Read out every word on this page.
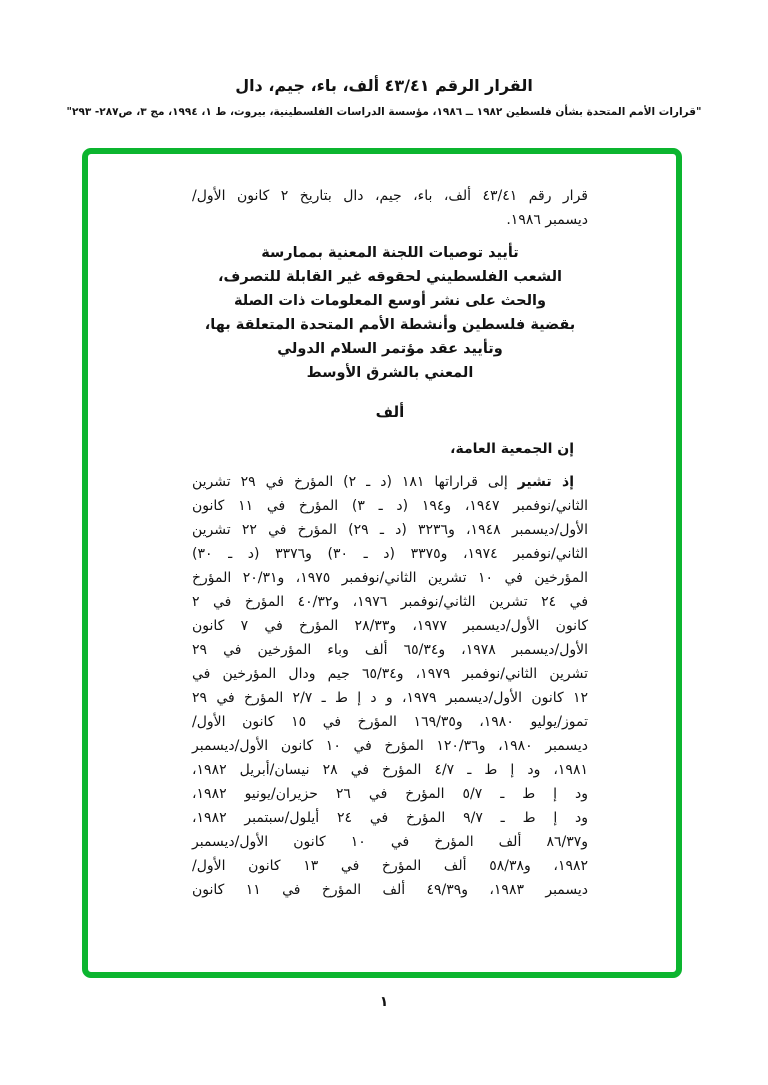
القرار الرقم ٤٣/٤١ ألف، باء، جيم، دال
"قرارات الأمم المتحدة بشأن فلسطين ١٩٨٢ ــ ١٩٨٦، مؤسسة الدراسات الفلسطينية، بيروت، ط ١، ١٩٩٤، مج ٣، ص٢٨٧- ٢٩٣"
قرار رقم ٤٣/٤١ ألف، باء، جيم، دال بتاريخ ٢ كانون الأول/
ديسمبر ١٩٨٦.
تأييد توصيات اللجنة المعنية بممارسة
الشعب الفلسطيني لحقوقه غير القابلة للتصرف،
والحث على نشر أوسع المعلومات ذات الصلة
بقضية فلسطين وأنشطة الأمم المتحدة المتعلقة بها،
وتأييد عقد مؤتمر السلام الدولي
المعني بالشرق الأوسط
ألف
إن الجمعية العامة،
إذ تشير إلى قراراتها ١٨١ (د ـ ٢) المؤرخ في ٢٩ تشرين
الثاني/نوفمبر ١٩٤٧، و١٩٤ (د ـ ٣) المؤرخ في ١١ كانون
الأول/ديسمبر ١٩٤٨، و٣٢٣٦ (د ـ ٢٩) المؤرخ في ٢٢ تشرين
الثاني/نوفمبر ١٩٧٤، و٣٣٧٥ (د ـ ٣٠) و٣٣٧٦ (د ـ ٣٠)
المؤرخين في ١٠ تشرين الثاني/نوفمبر ١٩٧٥، و٢٠/٣١ المؤرخ
في ٢٤ تشرين الثاني/نوفمبر ١٩٧٦، و٤٠/٣٢ المؤرخ في ٢
كانون الأول/ديسمبر ١٩٧٧، و٢٨/٣٣ المؤرخ في ٧ كانون
الأول/ديسمبر ١٩٧٨، و٦٥/٣٤ ألف وباء المؤرخين في ٢٩
تشرين الثاني/نوفمبر ١٩٧٩، و٦٥/٣٤ جيم ودال المؤرخين في
١٢ كانون الأول/ديسمبر ١٩٧٩، و د إ ط ـ ٢/٧ المؤرخ في ٢٩
تموز/يوليو ١٩٨٠، و١٦٩/٣٥ المؤرخ في ١٥ كانون الأول/
ديسمبر ١٩٨٠، و١٢٠/٣٦ المؤرخ في ١٠ كانون الأول/ديسمبر
١٩٨١، ود إ ط ـ ٤/٧ المؤرخ في ٢٨ نيسان/أبريل ١٩٨٢،
ود إ ط ـ ٥/٧ المؤرخ في ٢٦ حزيران/يونيو ١٩٨٢،
ود إ ط ـ ٩/٧ المؤرخ في ٢٤ أيلول/سبتمبر ١٩٨٢،
و٨٦/٣٧ ألف المؤرخ في ١٠ كانون الأول/ديسمبر
١٩٨٢، و٥٨/٣٨ ألف المؤرخ في ١٣ كانون الأول/
ديسمبر ١٩٨٣، و٤٩/٣٩ ألف المؤرخ في ١١ كانون
١
